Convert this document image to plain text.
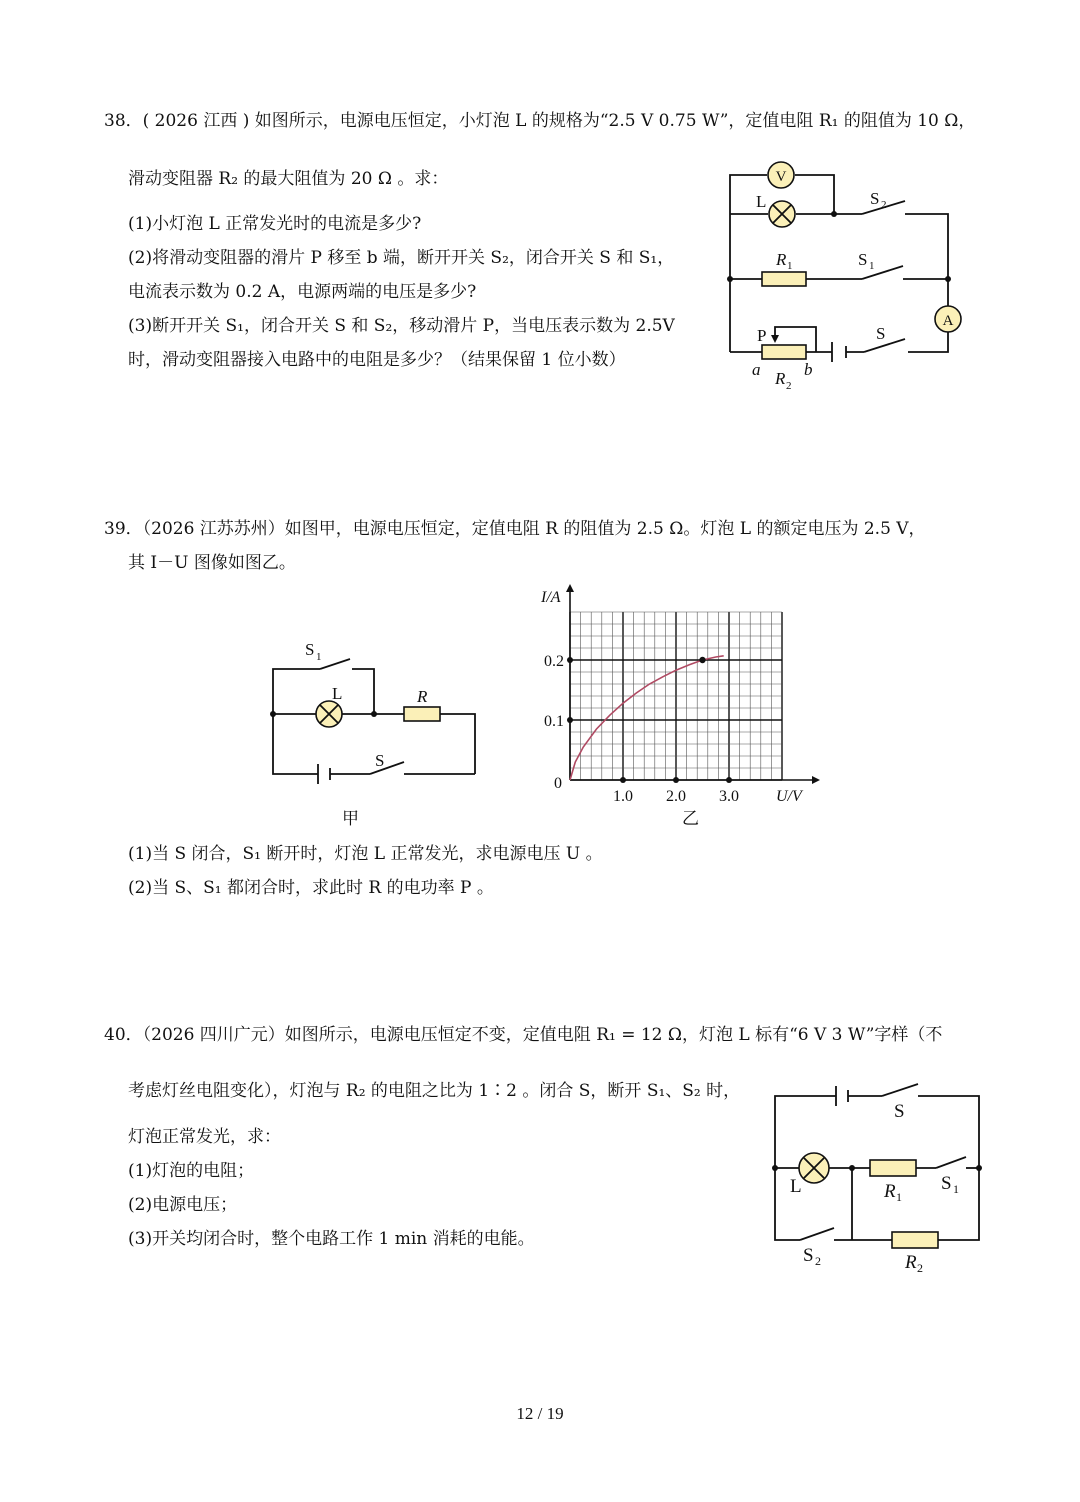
38．( 2026 江西 ) 如图所示，电源电压恒定，小灯泡 L 的规格为“2.5 V 0.75 W”，定值电阻 R₁ 的阻值为 10 Ω，
滑动变阻器 R₂ 的最大阻值为 20 Ω 。求：
(1)小灯泡 L 正常发光时的电流是多少?
(2)将滑动变阻器的滑片 P 移至 b 端，断开开关 S₂，闭合开关 S 和 S₁，
电流表示数为 0.2 A，电源两端的电压是多少?
(3)断开开关 S₁，闭合开关 S 和 S₂，移动滑片 P，当电压表示数为 2.5V
时，滑动变阻器接入电路中的电阻是多少？（结果保留 1 位小数）
V
L	S 2
R 1	S 1
A
P	S
a	b
R 2
39．（2026 江苏苏州）如图甲，电源电压恒定，定值电阻 R 的阻值为 2.5 Ω。灯泡 L 的额定电压为 2.5 V，
其 I－U 图像如图乙。
S 1
L	R
S
甲
1.0 2.0 3.0
0.1
0.2
0
U/V
I/A
乙
(1)当 S 闭合，S₁ 断开时，灯泡 L 正常发光，求电源电压 U 。
(2)当 S、S₁ 都闭合时，求此时 R 的电功率 P 。
40．（2026 四川广元）如图所示，电源电压恒定不变，定值电阻 R₁ = 12 Ω，灯泡 L 标有“6 V 3 W”字样（不
考虑灯丝电阻变化），灯泡与 R₂ 的电阻之比为 1∶2 。闭合 S，断开 S₁、S₂ 时，
灯泡正常发光，求：
(1)灯泡的电阻；
(2)电源电压；
(3)开关均闭合时，整个电路工作 1 min 消耗的电能。
S
L	R 1
S 1
S 2	R 2
12 / 19
